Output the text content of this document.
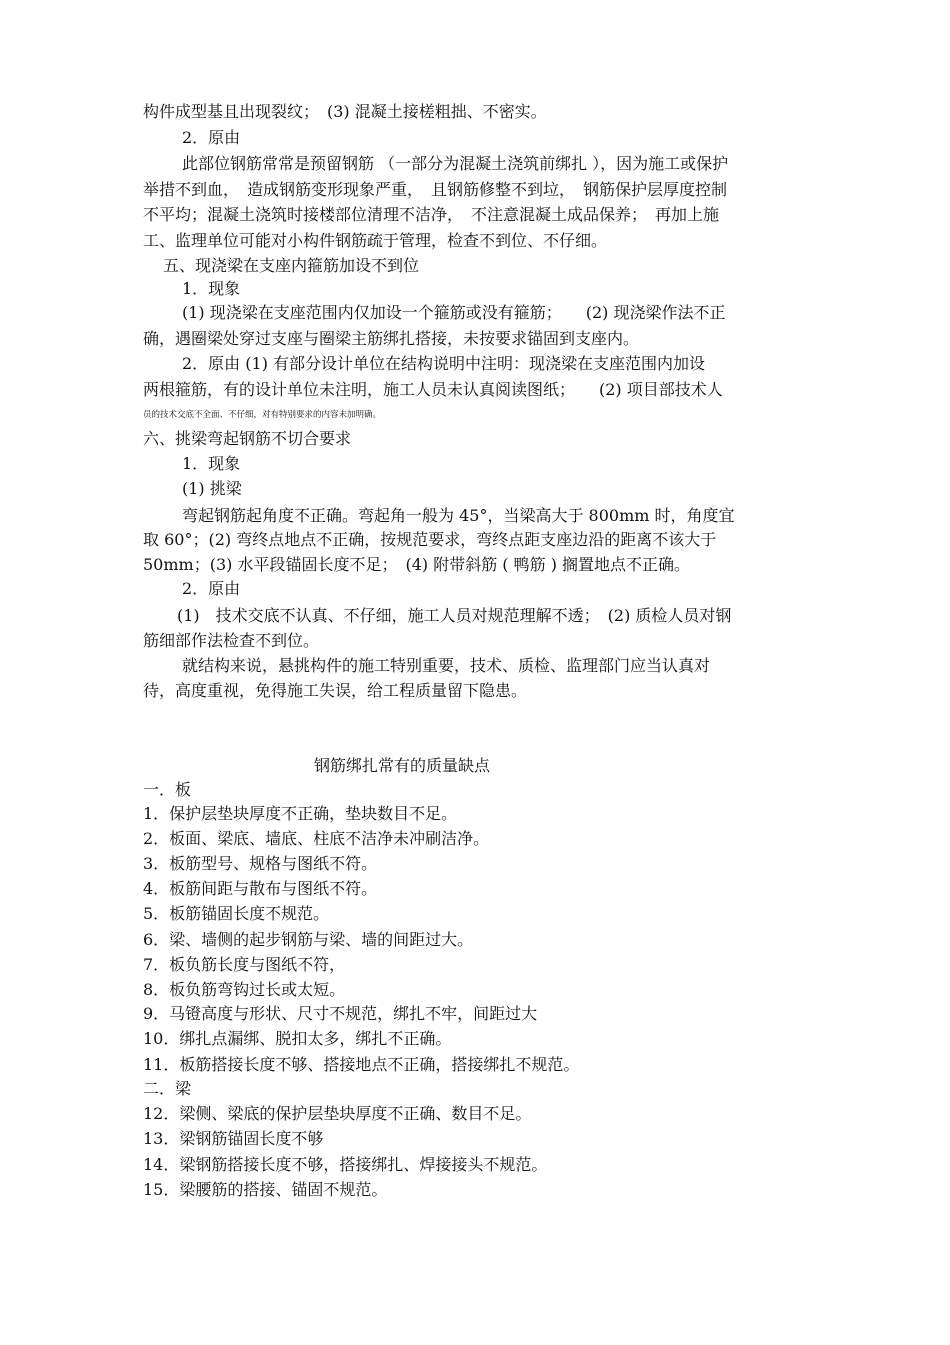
构件成型基且出现裂纹；　(3) 混凝土接槎粗拙、不密实。
2．原由
此部位钢筋常常是预留钢筋 （一部分为混凝土浇筑前绑扎 ），因为施工或保护
举措不到血，　造成钢筋变形现象严重，　且钢筋修整不到垃，　钢筋保护层厚度控制
不平均；混凝土浇筑时接楼部位清理不洁净，　不注意混凝土成品保养；　再加上施
工、监理单位可能对小构件钢筋疏于管理，检查不到位、不仔细。
五、现浇梁在支座内箍筋加设不到位
1．现象
(1) 现浇梁在支座范围内仅加设一个箍筋或没有箍筋；　　(2) 现浇梁作法不正
确，遇圈梁处穿过支座与圈梁主筋绑扎搭接，未按要求锚固到支座内。
2．原由 (1) 有部分设计单位在结构说明中注明：现浇梁在支座范围内加设
两根箍筋，有的设计单位未注明，施工人员未认真阅读图纸；　　(2) 项目部技术人
员的技术交底不全面、不仔细，对有特别要求的内容未加明确。
六、挑梁弯起钢筋不切合要求
1．现象
(1) 挑梁
弯起钢筋起角度不正确。弯起角一般为 45°，当梁高大于 800mm 时，角度宜
取 60°；(2) 弯终点地点不正确，按规范要求，弯终点距支座边沿的距离不该大于
50mm；(3) 水平段锚固长度不足；　(4) 附带斜筋 ( 鸭筋 ) 搁置地点不正确。
2．原由
(1)　技术交底不认真、不仔细，施工人员对规范理解不透；　(2) 质检人员对钢
筋细部作法检查不到位。
就结构来说，悬挑构件的施工特别重要，技术、质检、监理部门应当认真对
待，高度重视，免得施工失误，给工程质量留下隐患。
钢筋绑扎常有的质量缺点
一．板
1．保护层垫块厚度不正确，垫块数目不足。
2．板面、梁底、墙底、柱底不洁净未冲刷洁净。
3．板筋型号、规格与图纸不符。
4．板筋间距与散布与图纸不符。
5．板筋锚固长度不规范。
6．梁、墙侧的起步钢筋与梁、墙的间距过大。
7．板负筋长度与图纸不符，
8．板负筋弯钩过长或太短。
9．马镫高度与形状、尺寸不规范，绑扎不牢，间距过大
10．绑扎点漏绑、脱扣太多，绑扎不正确。
11．板筋搭接长度不够、搭接地点不正确，搭接绑扎不规范。
二．梁
12．梁侧、梁底的保护层垫块厚度不正确、数目不足。
13．梁钢筋锚固长度不够
14．梁钢筋搭接长度不够，搭接绑扎、焊接接头不规范。
15．梁腰筋的搭接、锚固不规范。
